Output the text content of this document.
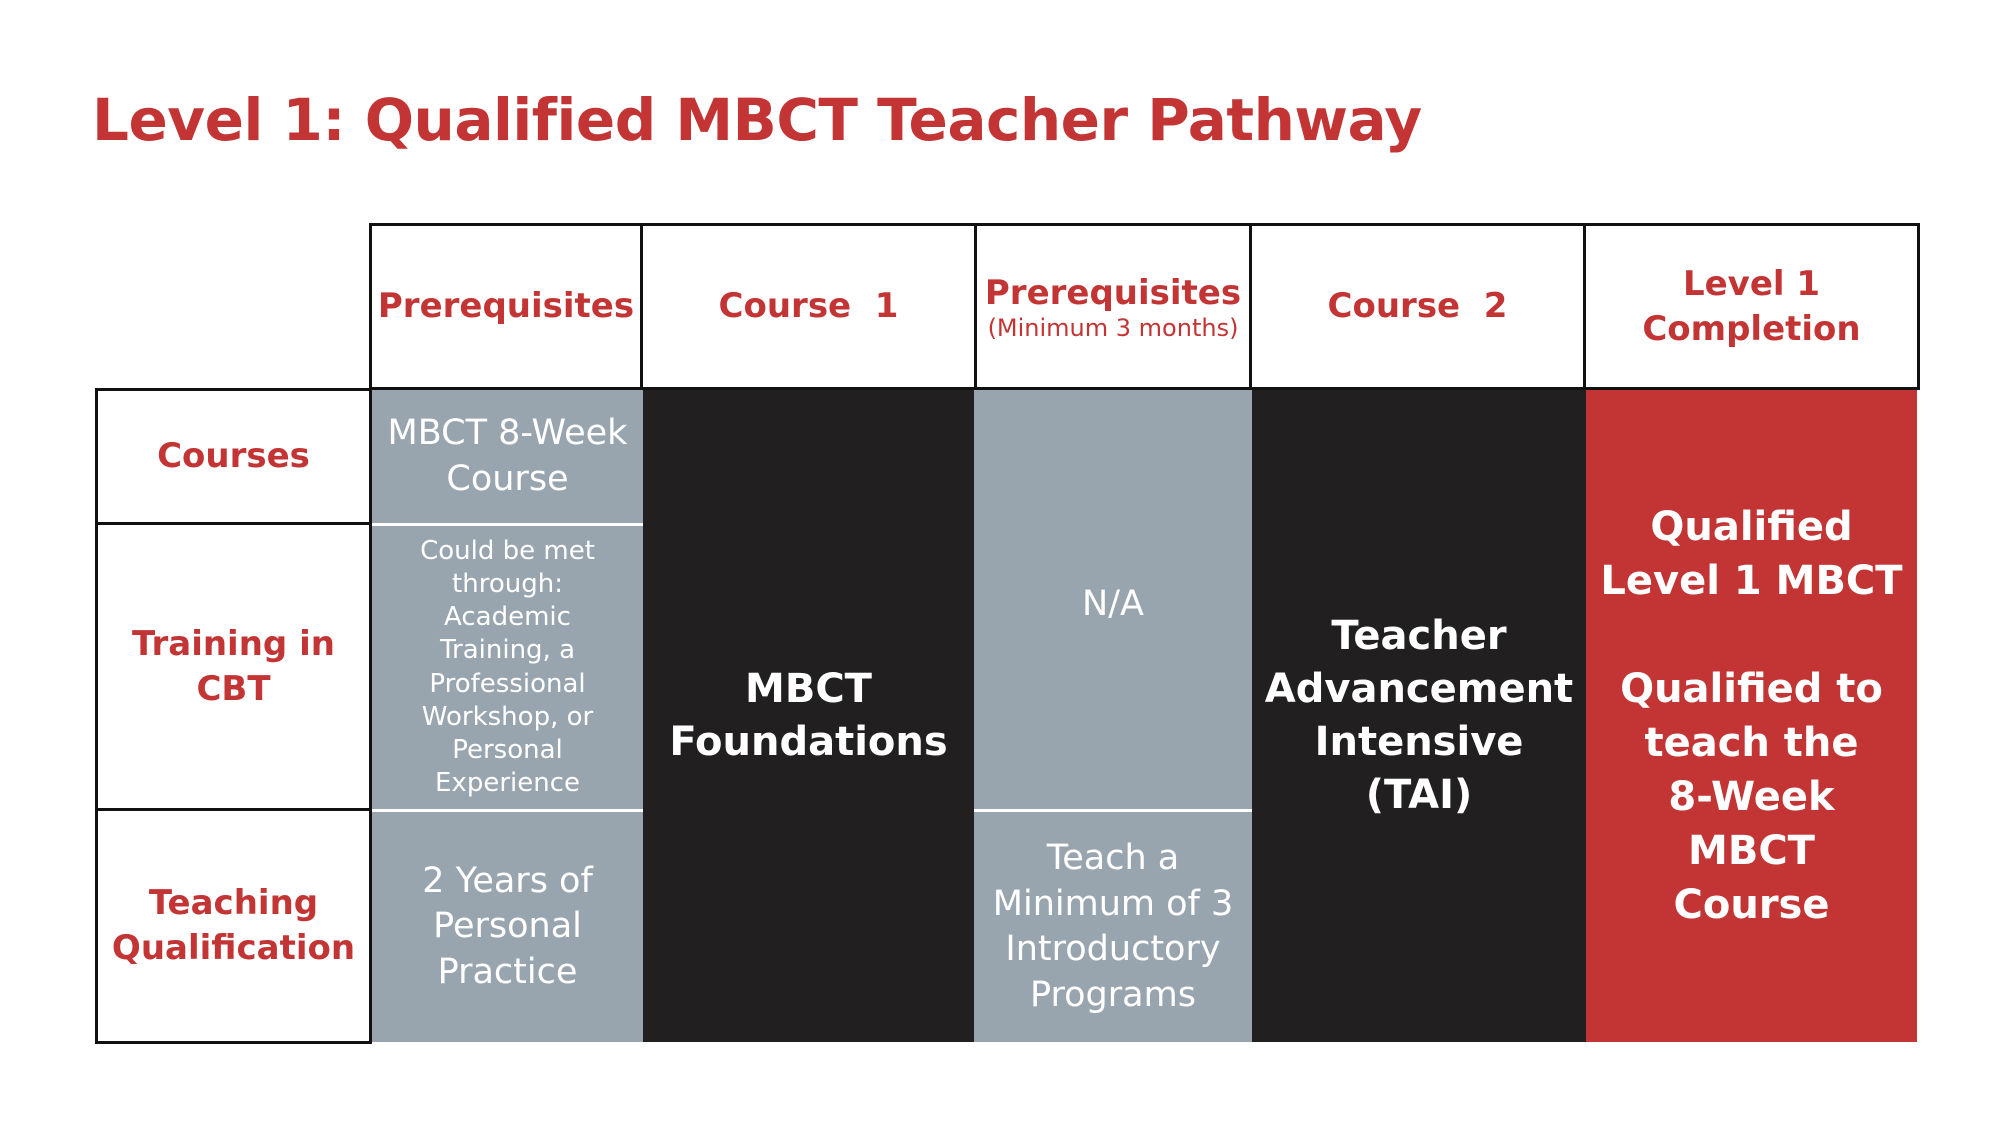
Level 1: Qualified MBCT Teacher Pathway
Prerequisites Course  1	Prerequisites
(Minimum 3 months)
Course  2
Level 1
Completion
Courses
Training in
CBT
Teaching
Qualification
MBCT 8-Week
Course
Could be met
through: Academic
Training, a
Professional
Workshop, or
Personal Experience
2 Years of
Personal
Practice
MBCT
Foundations
N/A
Teach a
Minimum of 3
Introductory
Programs
Teacher
Advancement
Intensive (TAI)
Qualified
Level 1 MBCT
Qualified to
teach the
8-Week MBCT
Course
